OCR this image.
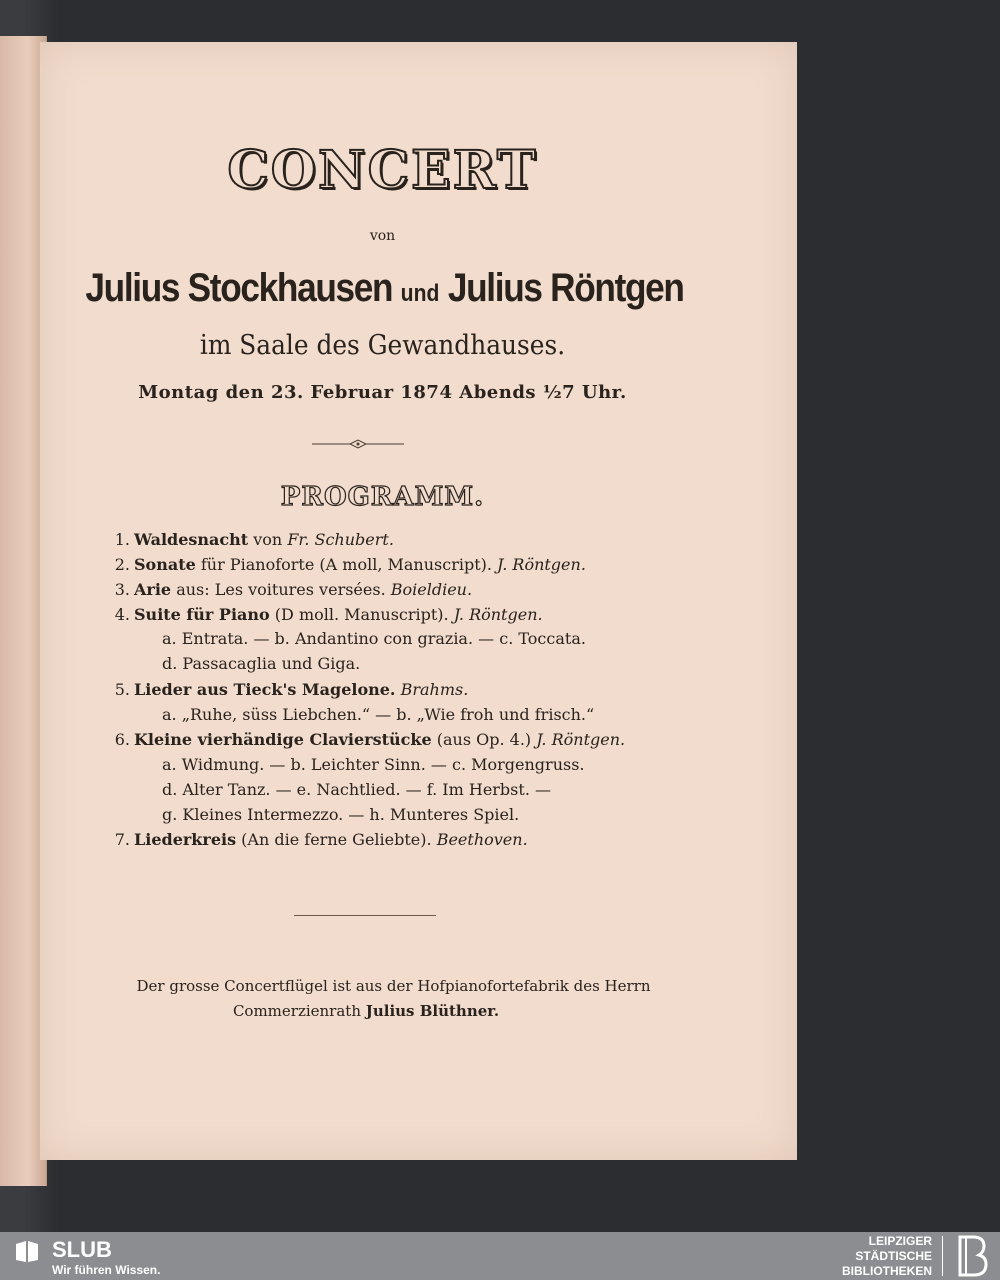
CONCERT
von
Julius Stockhausen und Julius Röntgen
im Saale des Gewandhauses.
Montag den 23. Februar 1874 Abends ½7 Uhr.
PROGRAMM.
1. Waldesnacht von Fr. Schubert.
2. Sonate für Pianoforte (A moll, Manuscript). J. Röntgen.
3. Arie aus: Les voitures versées. Boieldieu.
4. Suite für Piano (D moll. Manuscript). J. Röntgen.
a. Entrata. — b. Andantino con grazia. — c. Toccata.
d. Passacaglia und Giga.
5. Lieder aus Tieck's Magelone. Brahms.
a. „Ruhe, süss Liebchen.“ — b. „Wie froh und frisch.“
6. Kleine vierhändige Clavierstücke (aus Op. 4.) J. Röntgen.
a. Widmung. — b. Leichter Sinn. — c. Morgengruss.
d. Alter Tanz. — e. Nachtlied. — f. Im Herbst. —
g. Kleines Intermezzo. — h. Munteres Spiel.
7. Liederkreis (An die ferne Geliebte). Beethoven.
Der grosse Concertflügel ist aus der Hofpianofortefabrik des Herrn
Commerzienrath Julius Blüthner.
SLUB
Wir führen Wissen.
LEIPZIGER
STÄDTISCHE
BIBLIOTHEKEN
